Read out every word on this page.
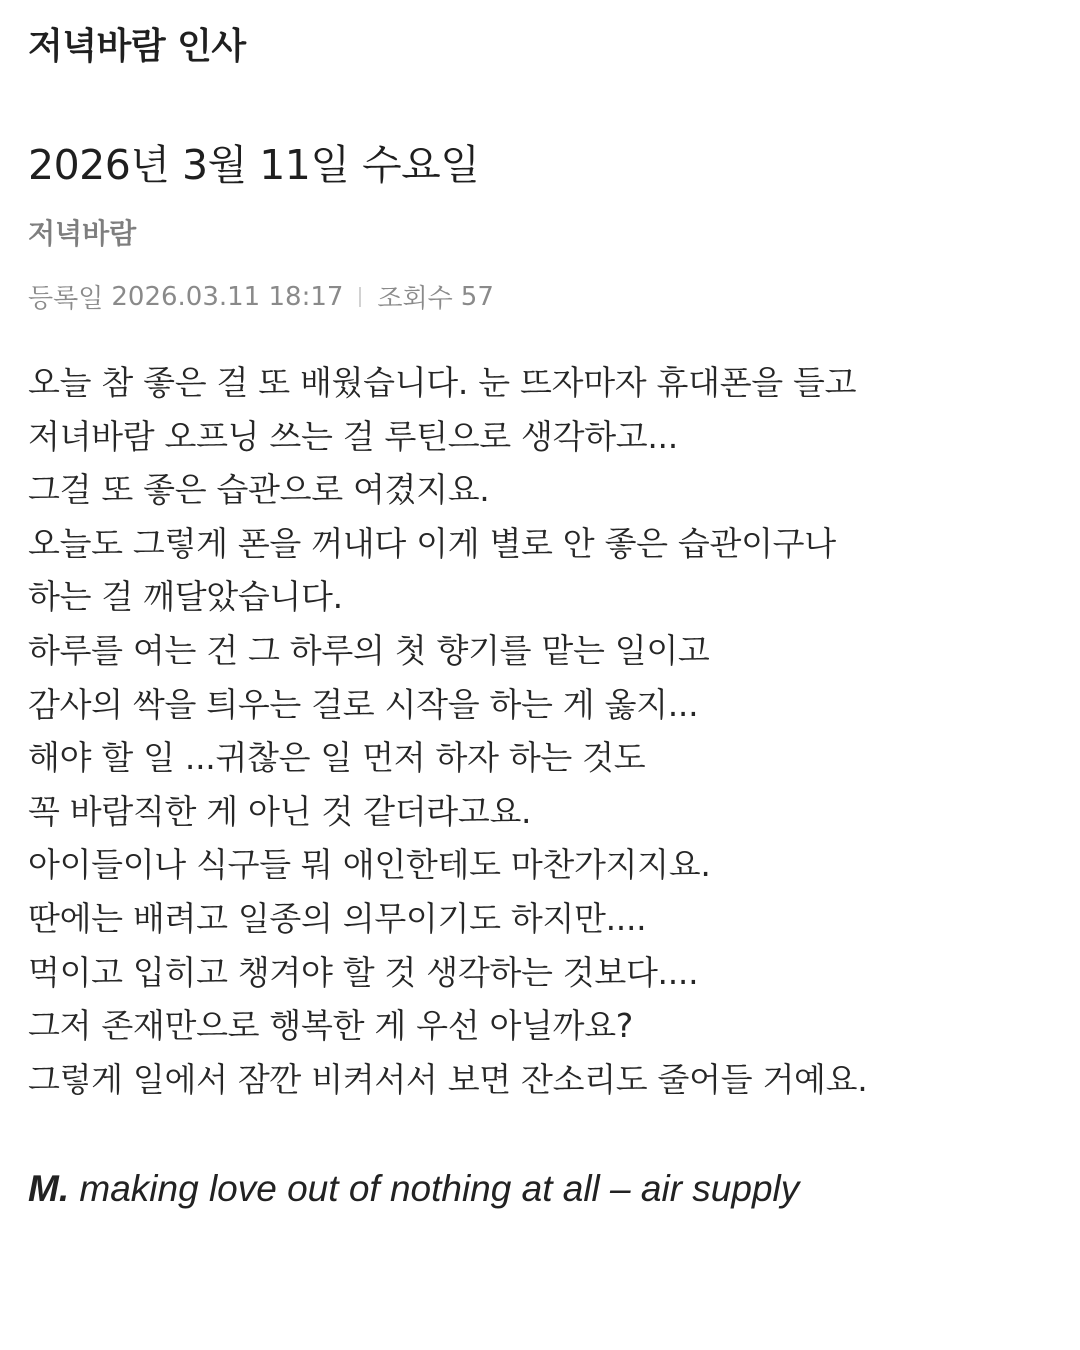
저녁바람 인사
2026년 3월 11일 수요일
저녁바람
등록일 2026.03.11 18:17 조회수 57
오늘 참 좋은 걸 또 배웠습니다. 눈 뜨자마자 휴대폰을 들고
저녀바람 오프닝 쓰는 걸 루틴으로 생각하고...
그걸 또 좋은 습관으로 여겼지요.
오늘도 그렇게 폰을 꺼내다 이게 별로 안 좋은 습관이구나
하는 걸 깨달았습니다.
하루를 여는 건 그 하루의 첫 향기를 맡는 일이고
감사의 싹을 틔우는 걸로 시작을 하는 게 옳지...
해야 할 일 ...귀찮은 일 먼저 하자 하는 것도
꼭 바람직한 게 아닌 것 같더라고요.
아이들이나 식구들 뭐 애인한테도 마찬가지지요.
딴에는 배려고 일종의 의무이기도 하지만....
먹이고 입히고 챙겨야 할 것 생각하는 것보다....
그저 존재만으로 행복한 게 우선 아닐까요?
그렇게 일에서 잠깐 비켜서서 보면 잔소리도 줄어들 거예요.
M. making love out of nothing at all – air supply
